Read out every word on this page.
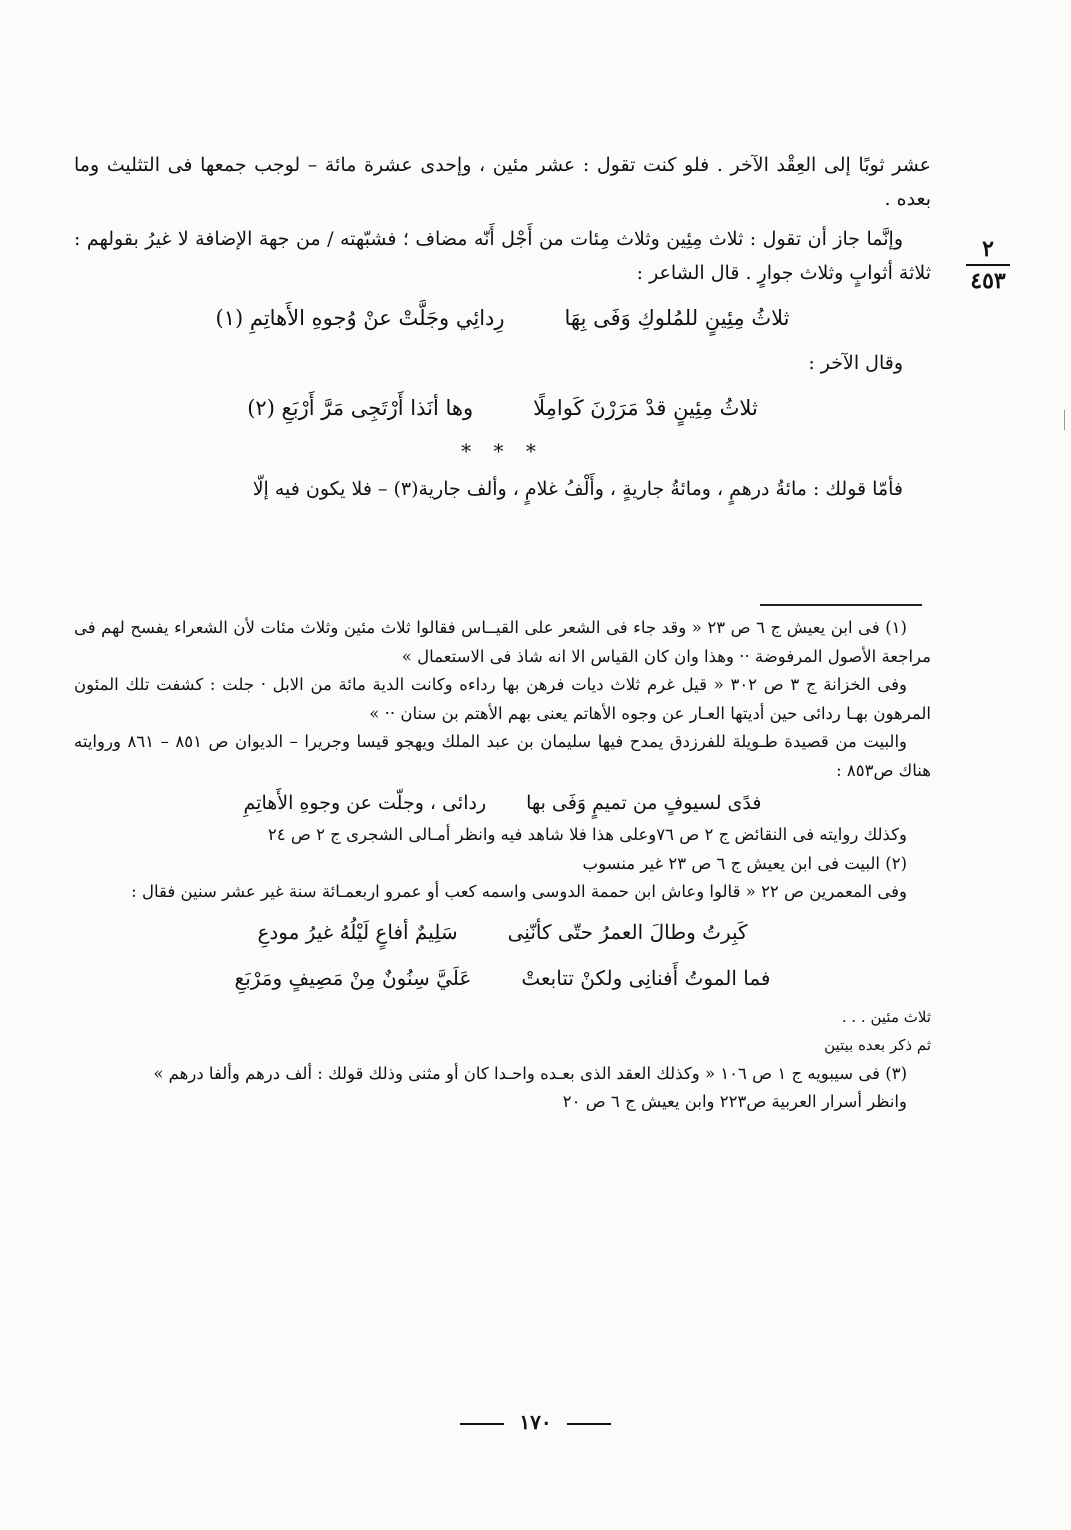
٢
٤٥٣

عشر ثوبًا إلى العِقْد الآخر . فلو كنت تقول : عشر مئين ، وإحدى عشرة مائة – لوجب جمعها فى التثليث وما بعده .

وإنَّما جاز أن تقول : ثلاث مِئِين وثلاث مِئات من أَجْل أَنّه مضاف ؛ فشبّهته / من جهة الإضافة لا غيرُ بقولهم : ثلاثة أثوابٍ وثلاث جوارٍ . قال الشاعر :

ثلاثُ مِئِينٍ للمُلوكِ وَفَى بِهَا
رِدائِي وجَلَّتْ عنْ وُجوهِ الأَهاتِمِ (١)

وقال الآخر :

ثلاثُ مِئِينٍ قدْ مَرَرْنَ كَوامِلًا
وها أنَذا أَرْتَجِى مَرَّ أَرْبَعِ (٢)

* * *

فأمّا قولك : مائةُ درهمٍ ، ومائةُ جاريةٍ ، وأَلْفُ غلامٍ ، وألف جارية(٣) – فلا يكون فيه إلّا

(١) فى ابن يعيش ج ٦ ص ٢٣ « وقد جاء فى الشعر على القيــاس فقالوا ثلاث مئين وثلاث مئات لأن الشعراء يفسح لهم فى مراجعة الأصول المرفوضة ·· وهذا وان كان القياس الا انه شاذ فى الاستعمال »

وفى الخزانة ج ٣ ص ٣٠٢ « قيل غرم ثلاث ديات فرهن بها رداءه وكانت الدية مائة من الابل · جلت : كشفت تلك المئون المرهون بهـا ردائى حين أديتها العـار عن وجوه الأهاتم يعنى بهم الأهتم بن سنان ·· »

والبيت من قصيدة طـويلة للفرزدق يمدح فيها سليمان بن عبد الملك ويهجو قيسا وجريرا – الديوان ص ٨٥١ – ٨٦١ وروايته هناك ص٨٥٣ :

فدًى لسيوفٍ من تميمٍ وَفَى بها
ردائى ، وجلّت عن وجوهِ الأَهاتِمِ

وكذلك روايته فى النقائض ج ٢ ص ٧٦وعلى هذا فلا شاهد فيه وانظر أمـالى الشجرى ج ٢ ص ٢٤

(٢) البيت فى ابن يعيش ج ٦ ص ٢٣ غير منسوب

وفى المعمرين ص ٢٢ « قالوا وعاش ابن حممة الدوسى واسمه كعب أو عمرو اربعمـائة سنة غير عشر سنين فقال :

كَبِرتُ وطالَ العمرُ حتّى كأنّنِى
سَلِيمٌ أفاعٍ لَيْلُهُ غيرُ مودعِ
فما الموتُ أَفنانِى ولكنْ تتابعتْ
عَلَيَّ سِنُونٌ مِنْ مَصِيفٍ ومَرْبَعِ

ثلاث مئين . . .

ثم ذكر بعده بيتين

(٣) فى سيبويه ج ١ ص ١٠٦ « وكذلك العقد الذى بعـده واحـدا كان أو مثنى وذلك قولك : ألف درهم وألفا درهم »

وانظر أسرار العربية ص٢٢٣ وابن يعيش ج ٦ ص ٢٠

١٧٠
